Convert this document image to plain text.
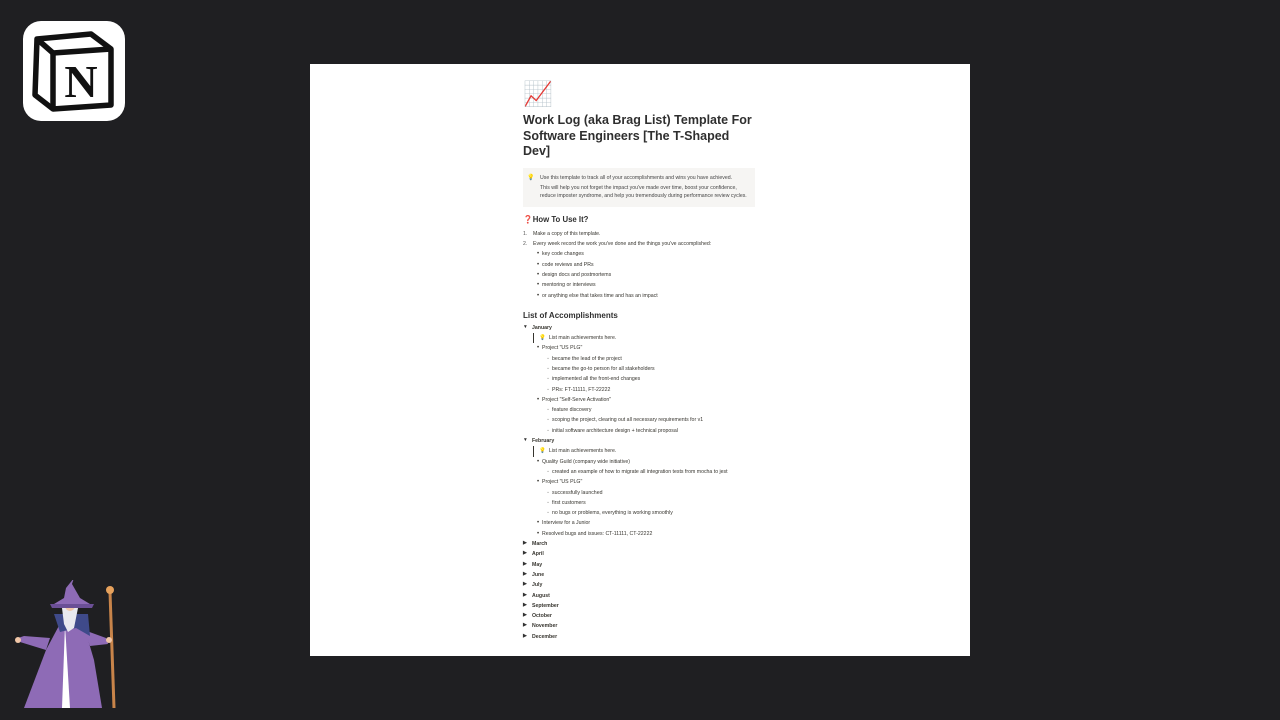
N	📈
Work Log (aka Brag List) Template For Software Engineers [The T-Shaped Dev]
💡 Use this template to track all of your accomplishments and wins you have achieved.

This will help you not forget the impact you've made over time, boost your confidence, reduce imposter syndrome, and help you tremendously during performance review cycles.

❓How To Use It?
1.	Make a copy of this template.
2.	Every week record the work you've done and the things you've accomplished:
• key code changes
• code reviews and PRs
• design docs and postmortems
• mentoring or interviews
• or anything else that takes time and has an impact
List of Accomplishments
▼ January
💡 List main achievements here.
• Project "US PLG"
◦ became the lead of the project
◦ became the go-to person for all stakeholders
◦ implemented all the front-end changes
◦ PRs: FT-11111, FT-22222
• Project "Self-Serve Activation"
◦ feature discovery
◦ scoping the project, clearing out all necessary requirements for v1
◦ initial software architecture design + technical proposal
▼ February
💡 List main achievements here.
• Quality Guild (company wide initiative)
◦ created an example of how to migrate all integration tests from mocha to jest
• Project "US PLG"
◦ successfully launched
◦ first customers
◦ no bugs or problems, everything is working smoothly
• Interview for a Junior
• Resolved bugs and issues: CT-11111, CT-22222
▶	March
▶	April
▶	May
▶	June
▶	July
▶	August
▶	September
▶	October
▶	November
▶	December
